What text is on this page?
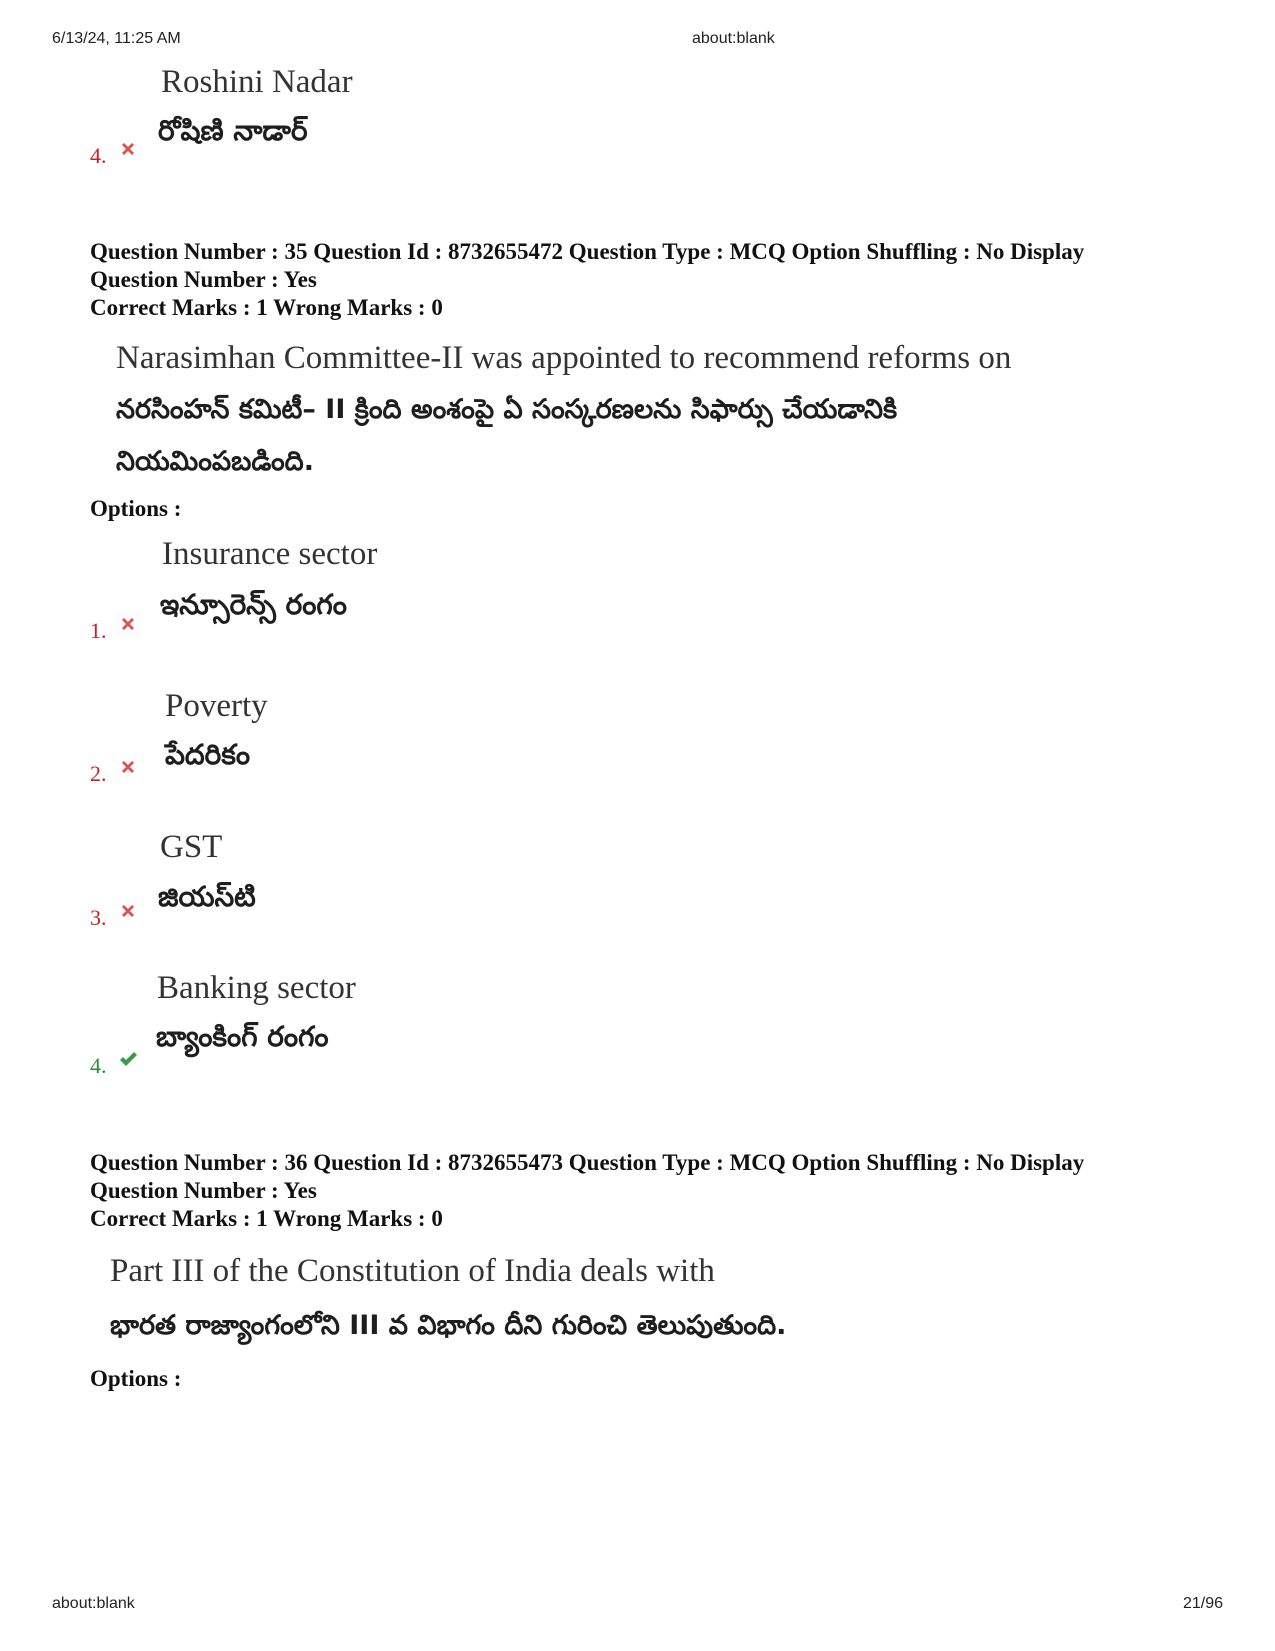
6/13/24, 11:25 AM	about:blank
Roshini Nadar
రోషిణి నాడార్
4.
Question Number : 35 Question Id : 8732655472 Question Type : MCQ Option Shuffling : No Display
Question Number : Yes
Correct Marks : 1 Wrong Marks : 0
Narasimhan Committee-II was appointed to recommend reforms on
నరసింహన్ కమిటీ– II క్రింది అంశంపై ఏ సంస్కరణలను సిఫార్సు చేయడానికి
నియమింపబడింది.
Options :
Insurance sector
ఇన్సూరెన్స్ రంగం
1.
Poverty
పేదరికం
2.
GST
జియస్‌టి
3.
Banking sector
బ్యాంకింగ్ రంగం
4.
Question Number : 36 Question Id : 8732655473 Question Type : MCQ Option Shuffling : No Display
Question Number : Yes
Correct Marks : 1 Wrong Marks : 0
Part III of the Constitution of India deals with
భారత రాజ్యాంగంలోని III వ విభాగం దీని గురించి తెలుపుతుంది.
Options :
about:blank	21/96
